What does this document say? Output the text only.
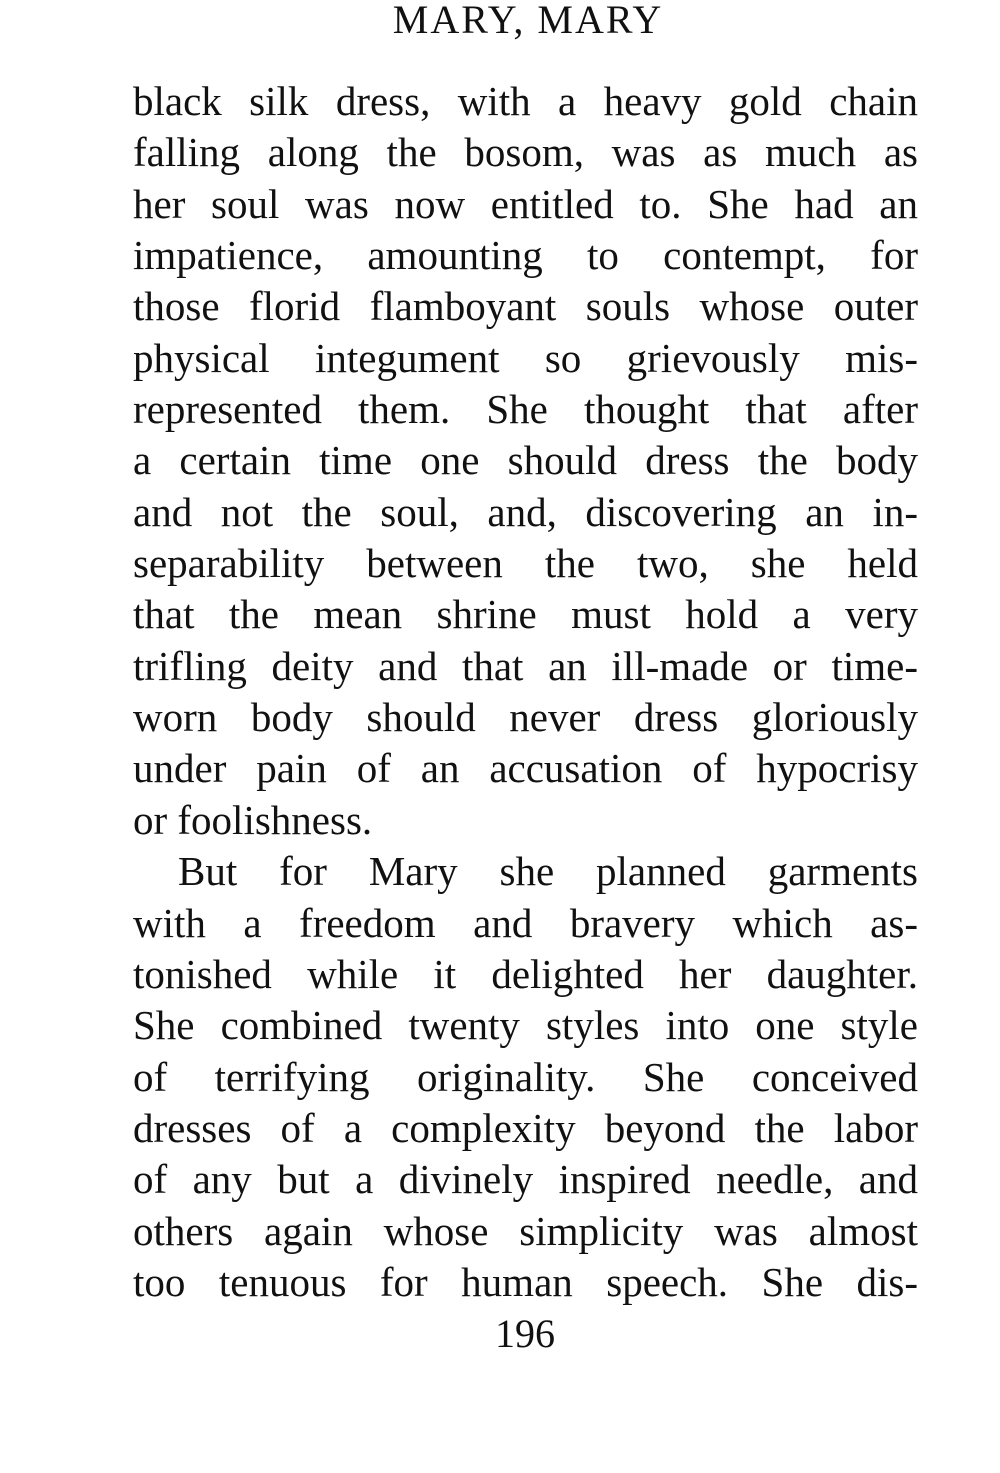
MARY, MARY
black silk dress, with a heavy gold chain
falling along the bosom, was as much as
her soul was now entitled to. She had an
impatience, amounting to contempt, for
those florid flamboyant souls whose outer
physical integument so grievously mis-
represented them. She thought that after
a certain time one should dress the body
and not the soul, and, discovering an in-
separability between the two, she held
that the mean shrine must hold a very
trifling deity and that an ill-made or time-
worn body should never dress gloriously
under pain of an accusation of hypocrisy
or foolishness.
But for Mary she planned garments
with a freedom and bravery which as-
tonished while it delighted her daughter.
She combined twenty styles into one style
of terrifying originality. She conceived
dresses of a complexity beyond the labor
of any but a divinely inspired needle, and
others again whose simplicity was almost
too tenuous for human speech. She dis-
196
